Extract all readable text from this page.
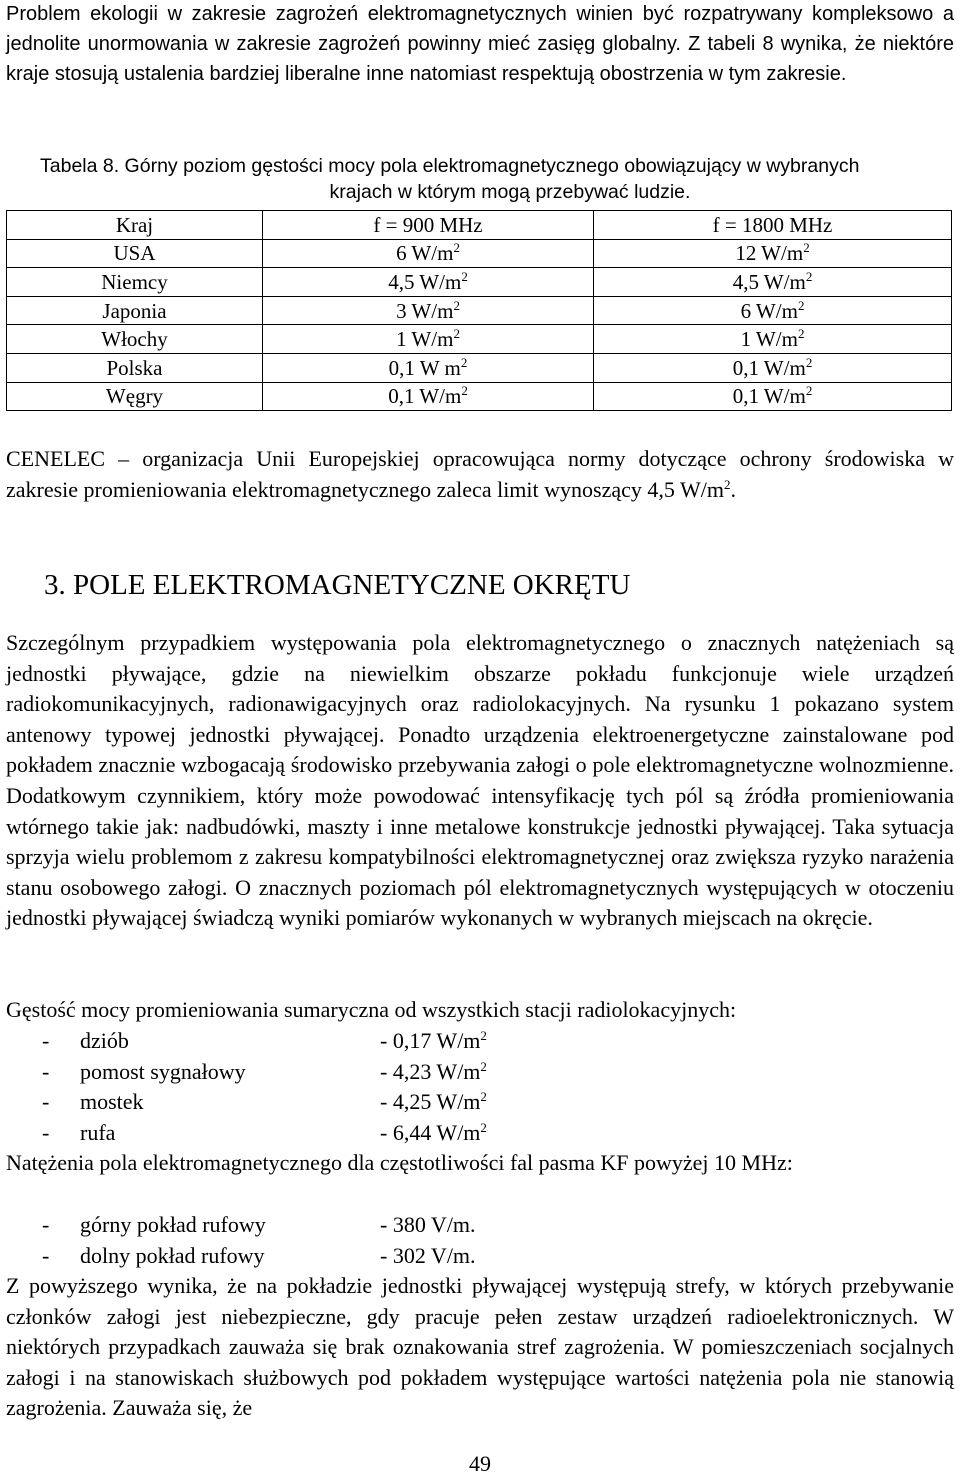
Problem ekologii w zakresie zagrożeń elektromagnetycznych winien być rozpatrywany kompleksowo a jednolite unormowania w zakresie zagrożeń powinny mieć zasięg globalny. Z tabeli 8 wynika, że niektóre kraje stosują ustalenia bardziej liberalne inne natomiast respektują obostrzenia w tym zakresie.

Tabela 8. Górny poziom gęstości mocy pola elektromagnetycznego obowiązujący w wybranych
krajach w którym mogą przebywać ludzie.
Kraj	f = 900 MHz	f = 1800 MHz
USA	6 $W/m^2$	12 $W/m^2$
Niemcy	4,5 $W/m^2$	4,5 $W/m^2$
Japonia	3 $W/m^2$	6 $W/m^2$
Włochy	1 $W/m^2$	1 $W/m^2$
Polska	0,1 W $m^2$	0,1 $W/m^2$
Węgry	0,1 $W/m^2$	0,1 $W/m^2$

CENELEC – organizacja Unii Europejskiej opracowująca normy dotyczące ochrony środowiska w zakresie promieniowania elektromagnetycznego zaleca limit wynoszący 4,5 $W/m^2$.

3. POLE ELEKTROMAGNETYCZNE OKRĘTU

Szczególnym przypadkiem występowania pola elektromagnetycznego o znacznych natężeniach są jednostki pływające, gdzie na niewielkim obszarze pokładu funkcjonuje wiele urządzeń radiokomunikacyjnych, radionawigacyjnych oraz radiolokacyjnych. Na rysunku 1 pokazano system antenowy typowej jednostki pływającej. Ponadto urządzenia elektroenergetyczne zainstalowane pod pokładem znacznie wzbogacają środowisko przebywania załogi o pole elektromagnetyczne wolnozmienne. Dodatkowym czynnikiem, który może powodować intensyfikację tych pól są źródła promieniowania wtórnego takie jak: nadbudówki, maszty i inne metalowe konstrukcje jednostki pływającej. Taka sytuacja sprzyja wielu problemom z zakresu kompatybilności elektromagnetycznej oraz zwiększa ryzyko narażenia stanu osobowego załogi. O znacznych poziomach pól elektromagnetycznych występujących w otoczeniu jednostki pływającej świadczą wyniki pomiarów wykonanych w wybranych miejscach na okręcie.

Gęstość mocy promieniowania sumaryczna od wszystkich stacji radiolokacyjnych:

- dziób	- 0,17 $W/m^2$
- pomost sygnałowy	- 4,23 $W/m^2$
- mostek	- 4,25 $W/m^2$
- rufa	- 6,44 $W/m^2$

Natężenia pola elektromagnetycznego dla częstotliwości fal pasma KF powyżej 10 MHz:

- górny pokład rufowy	- 380 V/m.
- dolny pokład rufowy	- 302 V/m.

Z powyższego wynika, że na pokładzie jednostki pływającej występują strefy, w których przebywanie członków załogi jest niebezpieczne, gdy pracuje pełen zestaw urządzeń radioelektronicznych. W niektórych przypadkach zauważa się brak oznakowania stref zagrożenia. W pomieszczeniach socjalnych załogi i na stanowiskach służbowych pod pokładem występujące wartości natężenia pola nie stanowią zagrożenia. Zauważa się, że

49
